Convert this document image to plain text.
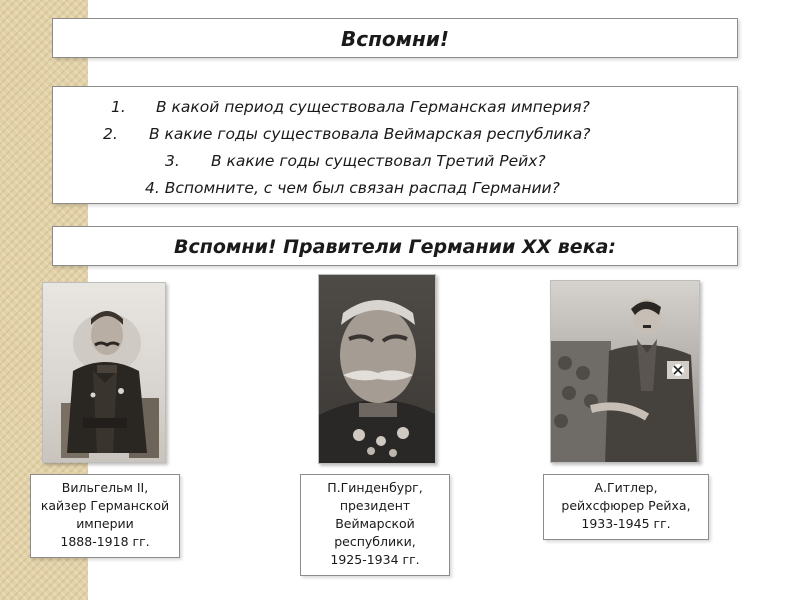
Вспомни!
1. В какой период существовала Германская империя?
2. В какие годы существовала Веймарская республика?
3. В какие годы существовал Третий Рейх?
4. Вспомните, с чем был связан распад Германии?
Вспомни! Правители Германии ХХ века:
Вильгельм II,
кайзер Германской
империи
1888-1918 гг.
П.Гинденбург,
президент
Веймарской
республики,
1925-1934 гг.
А.Гитлер,
рейхсфюрер Рейха,
1933-1945 гг.
